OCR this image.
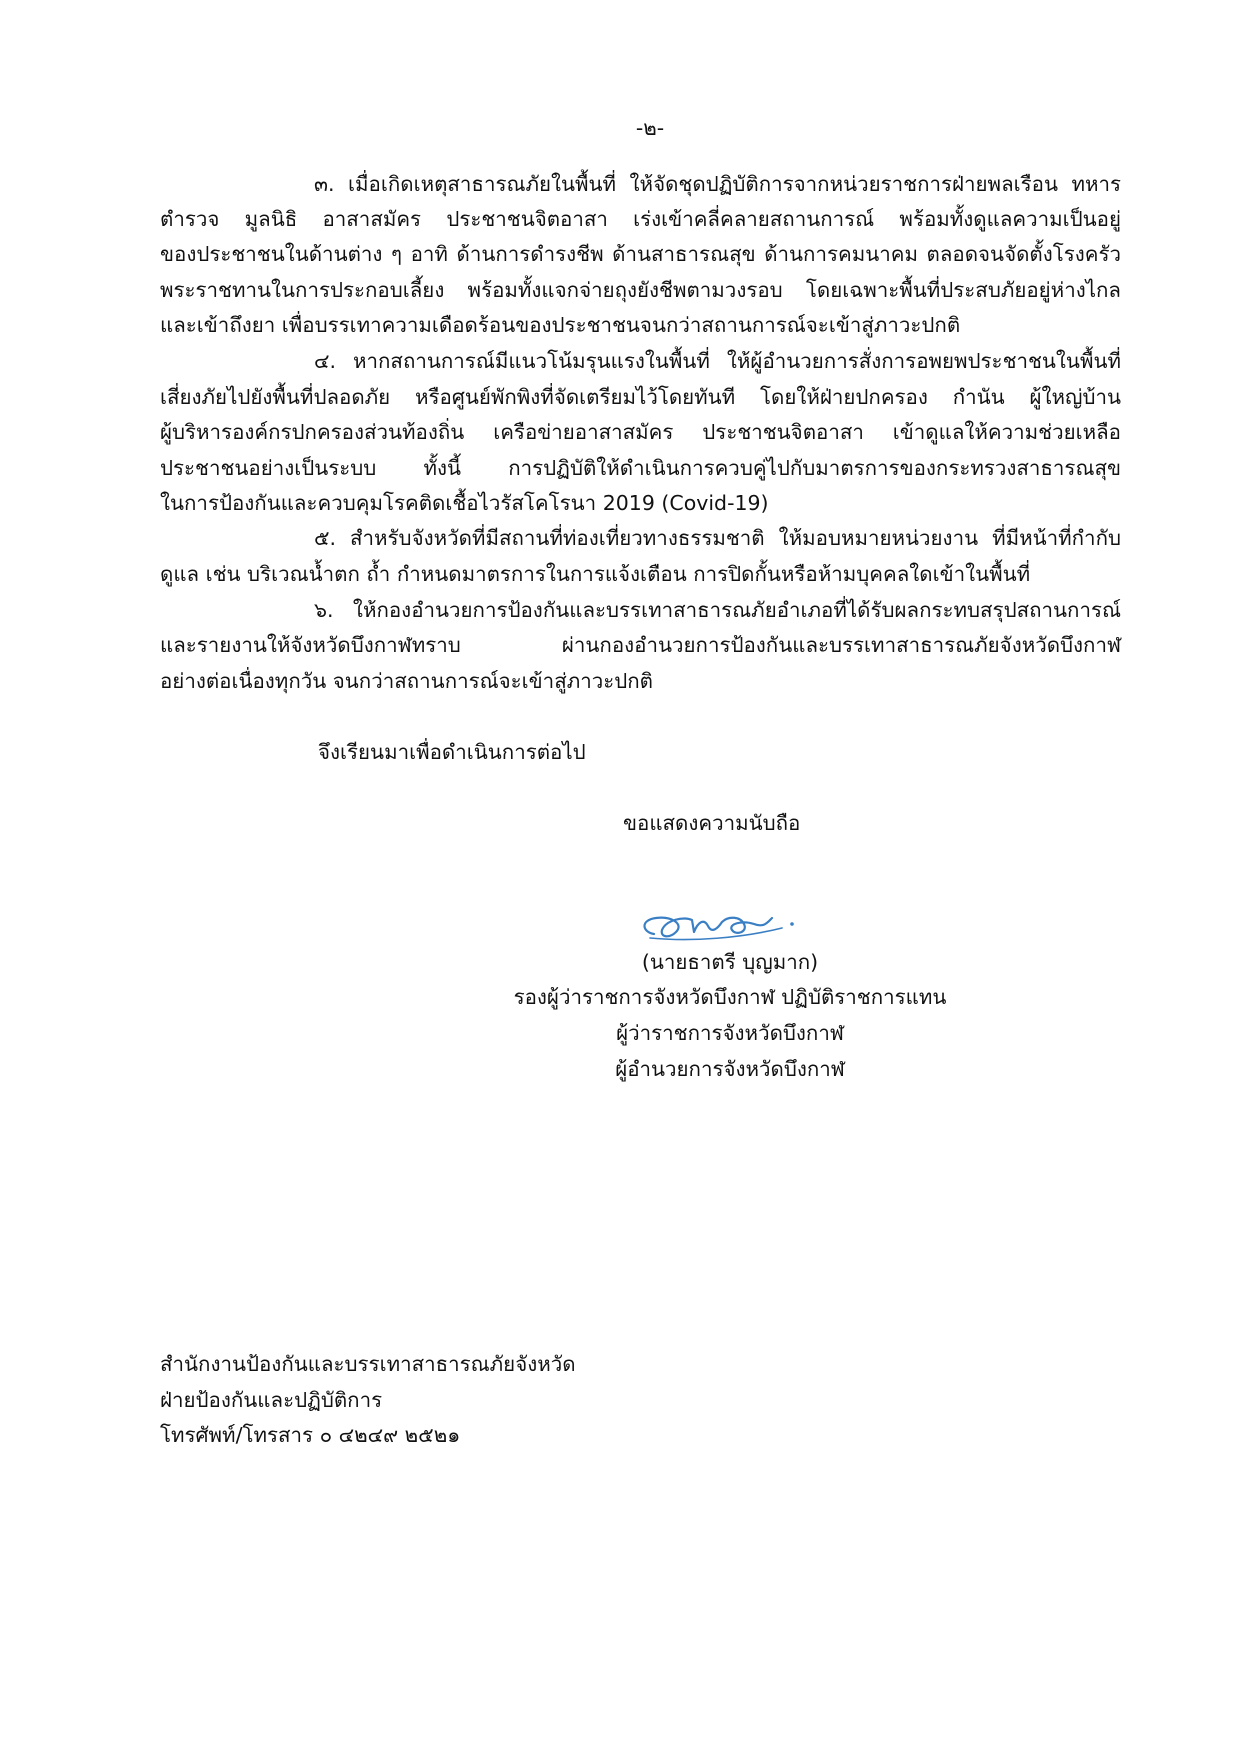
-๒-
๓. เมื่อเกิดเหตุสาธารณภัยในพื้นที่ ให้จัดชุดปฏิบัติการจากหน่วยราชการฝ่ายพลเรือน ทหาร
ตำรวจ มูลนิธิ อาสาสมัคร ประชาชนจิตอาสา เร่งเข้าคลี่คลายสถานการณ์ พร้อมทั้งดูแลความเป็นอยู่
ของประชาชนในด้านต่าง ๆ อาทิ ด้านการดำรงชีพ ด้านสาธารณสุข ด้านการคมนาคม ตลอดจนจัดตั้งโรงครัว
พระราชทานในการประกอบเลี้ยง พร้อมทั้งแจกจ่ายถุงยังชีพตามวงรอบ โดยเฉพาะพื้นที่ประสบภัยอยู่ห่างไกล
และเข้าถึงยา เพื่อบรรเทาความเดือดร้อนของประชาชนจนกว่าสถานการณ์จะเข้าสู่ภาวะปกติ
๔. หากสถานการณ์มีแนวโน้มรุนแรงในพื้นที่ ให้ผู้อำนวยการสั่งการอพยพประชาชนในพื้นที่
เสี่ยงภัยไปยังพื้นที่ปลอดภัย หรือศูนย์พักพิงที่จัดเตรียมไว้โดยทันที โดยให้ฝ่ายปกครอง กำนัน ผู้ใหญ่บ้าน
ผู้บริหารองค์กรปกครองส่วนท้องถิ่น เครือข่ายอาสาสมัคร ประชาชนจิตอาสา เข้าดูแลให้ความช่วยเหลือ
ประชาชนอย่างเป็นระบบ ทั้งนี้ การปฏิบัติให้ดำเนินการควบคู่ไปกับมาตรการของกระทรวงสาธารณสุข
ในการป้องกันและควบคุมโรคติดเชื้อไวรัสโคโรนา 2019 (Covid-19)
๕. สำหรับจังหวัดที่มีสถานที่ท่องเที่ยวทางธรรมชาติ ให้มอบหมายหน่วยงาน ที่มีหน้าที่กำกับ
ดูแล เช่น บริเวณน้ำตก ถ้ำ กำหนดมาตรการในการแจ้งเตือน การปิดกั้นหรือห้ามบุคคลใดเข้าในพื้นที่
๖. ให้กองอำนวยการป้องกันและบรรเทาสาธารณภัยอำเภอที่ได้รับผลกระทบสรุปสถานการณ์
และรายงานให้จังหวัดบึงกาฬทราบ ผ่านกองอำนวยการป้องกันและบรรเทาสาธารณภัยจังหวัดบึงกาฬ
อย่างต่อเนื่องทุกวัน จนกว่าสถานการณ์จะเข้าสู่ภาวะปกติ
จึงเรียนมาเพื่อดำเนินการต่อไป
ขอแสดงความนับถือ
(นายธาตรี บุญมาก)
รองผู้ว่าราชการจังหวัดบึงกาฬ ปฏิบัติราชการแทน
ผู้ว่าราชการจังหวัดบึงกาฬ
ผู้อำนวยการจังหวัดบึงกาฬ
สำนักงานป้องกันและบรรเทาสาธารณภัยจังหวัด
ฝ่ายป้องกันและปฏิบัติการ
โทรศัพท์/โทรสาร ๐ ๔๒๔๙ ๒๕๒๑
